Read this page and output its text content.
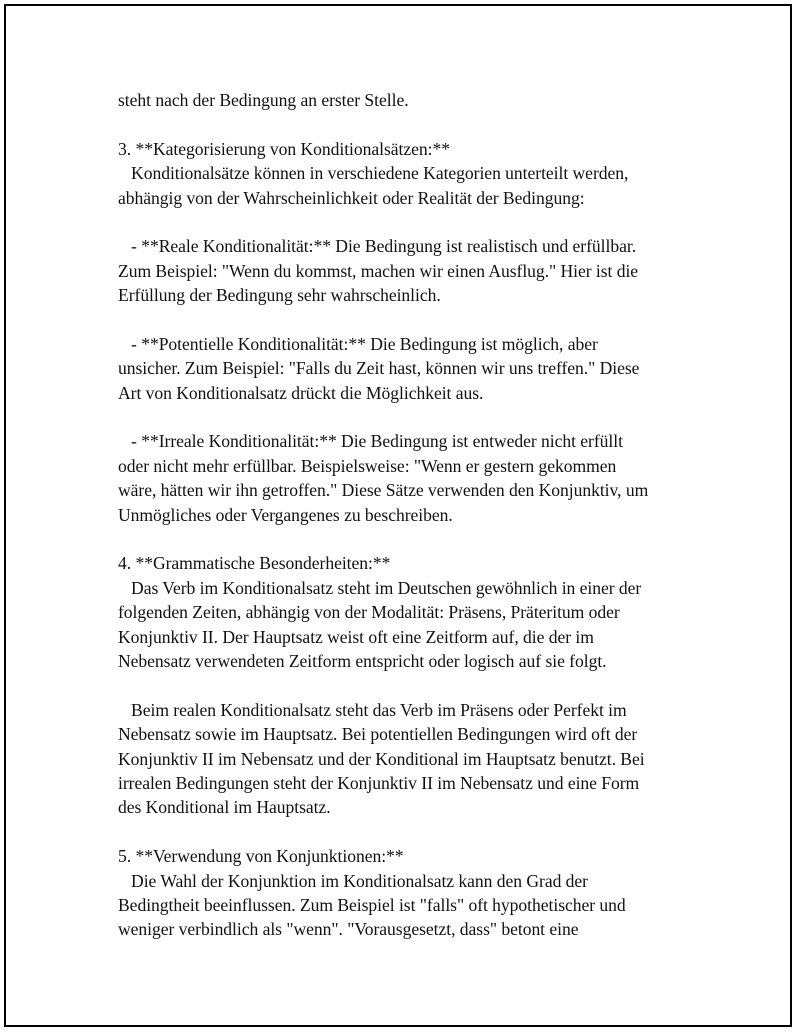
steht nach der Bedingung an erster Stelle.
3. **Kategorisierung von Konditionalsätzen:**
Konditionalsätze können in verschiedene Kategorien unterteilt werden,
abhängig von der Wahrscheinlichkeit oder Realität der Bedingung:
- **Reale Konditionalität:** Die Bedingung ist realistisch und erfüllbar.
Zum Beispiel: "Wenn du kommst, machen wir einen Ausflug." Hier ist die
Erfüllung der Bedingung sehr wahrscheinlich.
- **Potentielle Konditionalität:** Die Bedingung ist möglich, aber
unsicher. Zum Beispiel: "Falls du Zeit hast, können wir uns treffen." Diese
Art von Konditionalsatz drückt die Möglichkeit aus.
- **Irreale Konditionalität:** Die Bedingung ist entweder nicht erfüllt
oder nicht mehr erfüllbar. Beispielsweise: "Wenn er gestern gekommen
wäre, hätten wir ihn getroffen." Diese Sätze verwenden den Konjunktiv, um
Unmögliches oder Vergangenes zu beschreiben.
4. **Grammatische Besonderheiten:**
Das Verb im Konditionalsatz steht im Deutschen gewöhnlich in einer der
folgenden Zeiten, abhängig von der Modalität: Präsens, Präteritum oder
Konjunktiv II. Der Hauptsatz weist oft eine Zeitform auf, die der im
Nebensatz verwendeten Zeitform entspricht oder logisch auf sie folgt.
Beim realen Konditionalsatz steht das Verb im Präsens oder Perfekt im
Nebensatz sowie im Hauptsatz. Bei potentiellen Bedingungen wird oft der
Konjunktiv II im Nebensatz und der Konditional im Hauptsatz benutzt. Bei
irrealen Bedingungen steht der Konjunktiv II im Nebensatz und eine Form
des Konditional im Hauptsatz.
5. **Verwendung von Konjunktionen:**
Die Wahl der Konjunktion im Konditionalsatz kann den Grad der
Bedingtheit beeinflussen. Zum Beispiel ist "falls" oft hypothetischer und
weniger verbindlich als "wenn". "Vorausgesetzt, dass" betont eine
